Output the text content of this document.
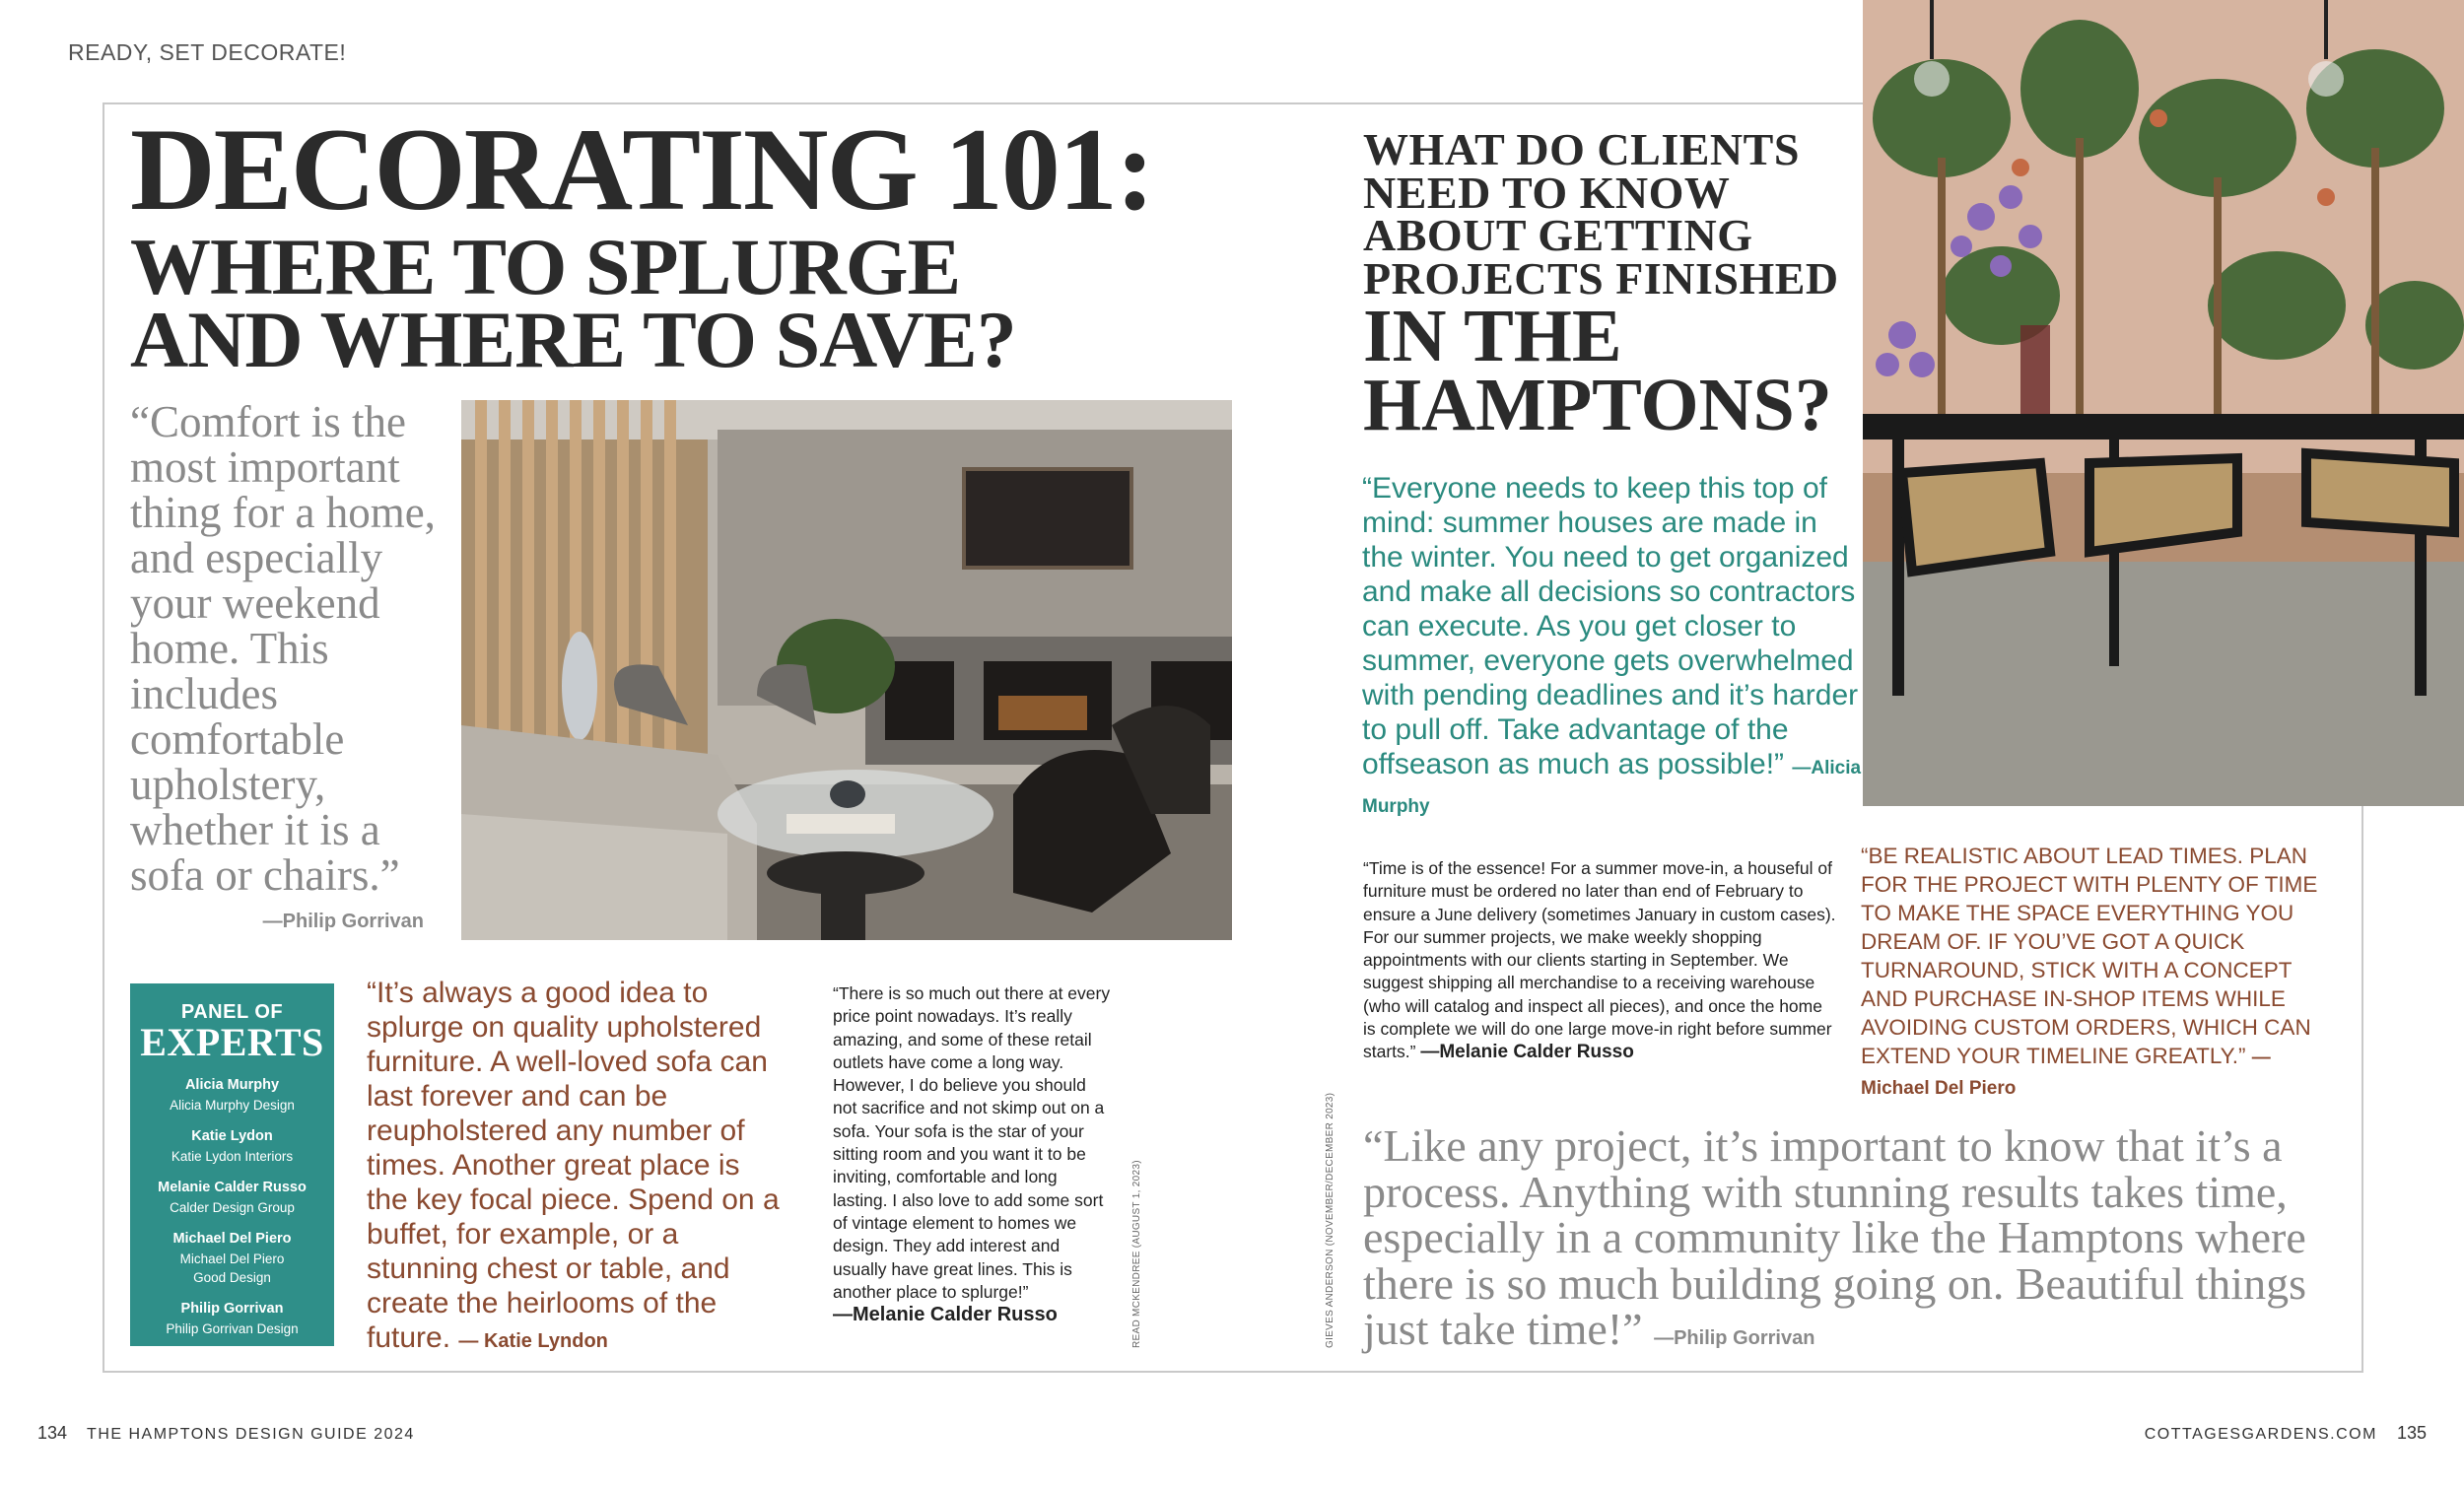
READY, SET DECORATE!
DECORATING 101:
WHERE TO SPLURGE
AND WHERE TO SAVE?
“Comfort is the most important thing for a home, and especially your weekend home. This includes comfortable upholstery, whether it is a sofa or chairs.”
—Philip Gorrivan
PANEL OF
EXPERTS
Alicia Murphy
Alicia Murphy Design
Katie Lydon
Katie Lydon Interiors
Melanie Calder Russo
Calder Design Group
Michael Del Piero
Michael Del Piero Good Design
Philip Gorrivan
Philip Gorrivan Design
“It’s always a good idea to splurge on quality upholstered furniture. A well-loved sofa can last forever and can be reupholstered any number of times. Another great place is the key focal piece. Spend on a buffet, for example, or a stunning chest or table, and create the heirlooms of the future. — Katie Lyndon
“There is so much out there at every price point nowadays. It’s really amazing, and some of these retail outlets have come a long way. However, I do believe you should not sacrifice and not skimp out on a sofa. Your sofa is the star of your sitting room and you want it to be inviting, comfortable and long lasting. I also love to add some sort of vintage element to homes we design. They add interest and usually have great lines. This is another place to splurge!”
—Melanie Calder Russo	READ MCKENDREE (AUGUST 1, 2023)	GIEVES ANDERSON (NOVEMBER/DECEMBER 2023)
WHAT DO CLIENTS
NEED TO KNOW
ABOUT GETTING
PROJECTS FINISHED
IN THE
HAMPTONS?
“Everyone needs to keep this top of mind: summer houses are made in the winter. You need to get organized and make all decisions so contractors can execute. As you get closer to summer, everyone gets overwhelmed with pending deadlines and it’s harder to pull off. Take advantage of the offseason as much as possible!” —Alicia Murphy
“Time is of the essence! For a summer move-in, a houseful of furniture must be ordered no later than end of February to ensure a June delivery (sometimes January in custom cases). For our summer projects, we make weekly shopping appointments with our clients starting in September. We suggest shipping all merchandise to a receiving warehouse (who will catalog and inspect all pieces), and once the home is complete we will do one large move-in right before summer starts.” —Melanie Calder Russo
“BE REALISTIC ABOUT LEAD TIMES. PLAN FOR THE PROJECT WITH PLENTY OF TIME TO MAKE THE SPACE EVERYTHING YOU DREAM OF. IF YOU’VE GOT A QUICK TURNAROUND, STICK WITH A CONCEPT AND PURCHASE IN-SHOP ITEMS WHILE AVOIDING CUSTOM ORDERS, WHICH CAN EXTEND YOUR TIMELINE GREATLY.” —Michael Del Piero
“Like any project, it’s important to know that it’s a process. Anything with stunning results takes time, especially in a community like the Hamptons where there is so much building going on. Beautiful things just take time!” —Philip Gorrivan
134 THE HAMPTONS DESIGN GUIDE 2024	COTTAGESGARDENS.COM 135
